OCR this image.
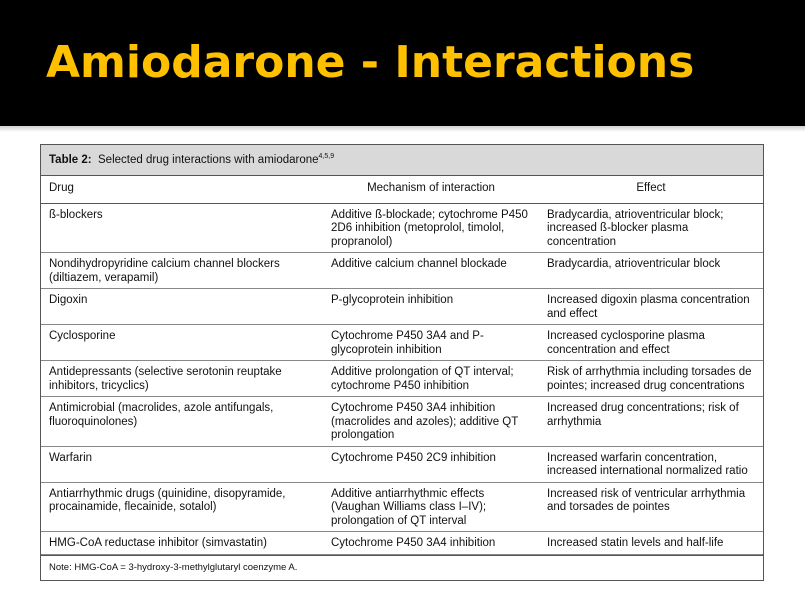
Amiodarone - Interactions
Table 2: Selected drug interactions with amiodarone$^{4,5,9}$
Drug	Mechanism of interaction	Effect
ß-blockers	Additive ß-blockade; cytochrome P450 2D6 inhibition (metoprolol, timolol, propranolol)	Bradycardia, atrioventricular block; increased ß-blocker plasma concentration
Nondihydropyridine calcium channel blockers (diltiazem, verapamil)	Additive calcium channel blockade	Bradycardia, atrioventricular block
Digoxin	P-glycoprotein inhibition	Increased digoxin plasma concentration and effect
Cyclosporine	Cytochrome P450 3A4 and P-glycoprotein inhibition	Increased cyclosporine plasma concentration and effect
Antidepressants (selective serotonin reuptake inhibitors, tricyclics)	Additive prolongation of QT interval; cytochrome P450 inhibition	Risk of arrhythmia including torsades de pointes; increased drug concentrations
Antimicrobial (macrolides, azole antifungals, fluoroquinolones)	Cytochrome P450 3A4 inhibition (macrolides and azoles); additive QT prolongation	Increased drug concentrations; risk of arrhythmia
Warfarin	Cytochrome P450 2C9 inhibition	Increased warfarin concentration, increased international normalized ratio
Antiarrhythmic drugs (quinidine, disopyramide, procainamide, flecainide, sotalol)	Additive antiarrhythmic effects (Vaughan Williams class I–IV); prolongation of QT interval	Increased risk of ventricular arrhythmia and torsades de pointes
HMG-CoA reductase inhibitor (simvastatin)	Cytochrome P450 3A4 inhibition	Increased statin levels and half-life
Note: HMG-CoA = 3-hydroxy-3-methylglutaryl coenzyme A.
